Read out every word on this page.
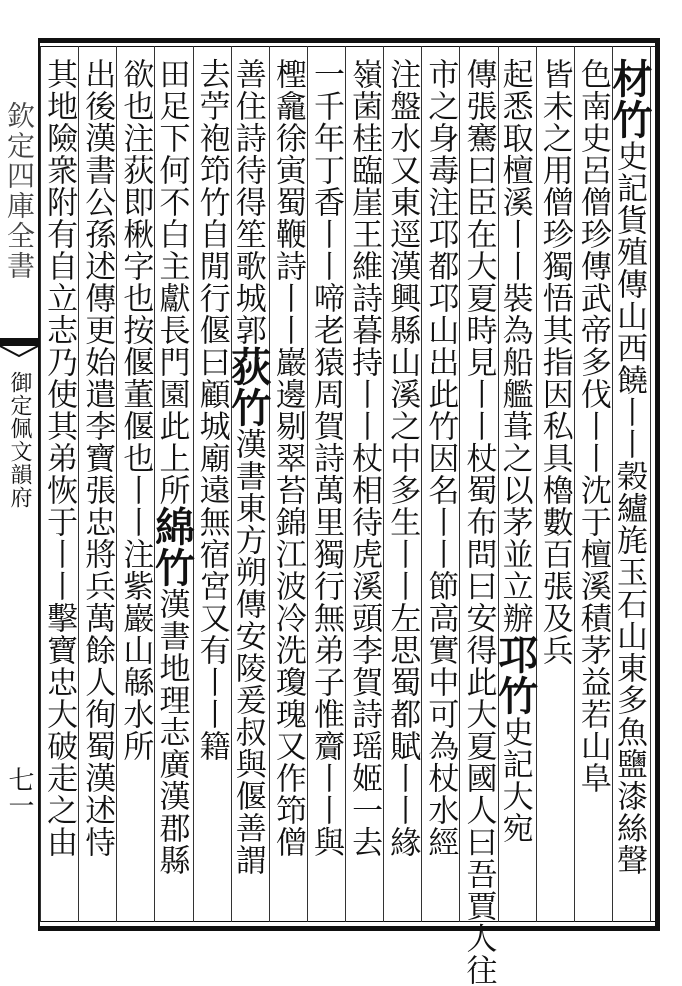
欽定四庫全書
御定佩文韻府
七一
材竹史記貨殖傳山西饒丨丨榖纑旄玉石山東多魚鹽漆絲聲
色南史呂僧珍傳武帝多伐丨丨沈于檀溪積茅益若山阜
皆未之用僧珍獨悟其指因私具櫓數百張及兵
起悉取檀溪丨丨裝為船艦葺之以茅並立辦邛竹史記大宛
傳張騫曰臣在大夏時見丨丨杖蜀布問曰安得此大夏國人曰吾賈人往
市之身毒注邛都邛山出此竹因名丨丨節高實中可為杖水經
注盤水又東逕漢興縣山溪之中多生丨丨左思蜀都賦丨丨緣
嶺菌桂臨崖王維詩暮持丨丨杖相待虎溪頭李賀詩瑶姬一去
一千年丁香丨丨啼老猿周賀詩萬里獨行無弟子惟齎丨丨與
檉龕徐寅蜀鞭詩丨丨巖邊剔翠苔錦江波冷洗瓊瑰又作笻僧
善住詩待得笙歌城郭荻竹漢書東方朔傳安陵爰叔與偃善謂
去苧袍笻竹自閒行偃曰顧城廟遠無宿宮又有丨丨籍
田足下何不白主獻長門園此上所綿竹漢書地理志廣漢郡縣
欲也注荻即楸字也按偃董偃也丨丨注紫巖山緜水所
出後漢書公孫述傳更始遣李寶張忠將兵萬餘人徇蜀漢述恃
其地險衆附有自立志乃使其弟恢于丨丨擊寶忠大破走之由
